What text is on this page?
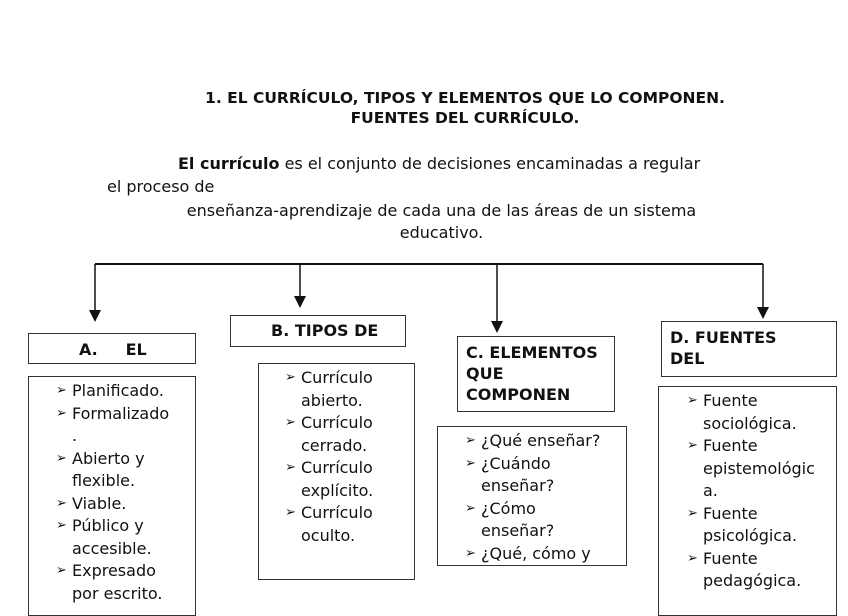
1. EL CURRÍCULO, TIPOS Y ELEMENTOS QUE LO COMPONEN.
FUENTES DEL CURRÍCULO.
El currículo es el conjunto de decisiones encaminadas a regular
el proceso de
enseñanza-aprendizaje de cada una de las áreas de un sistema
educativo.
A.     EL
➢ Planificado.
➢ Formalizado
.
➢ Abierto y
flexible.
➢ Viable.
➢ Público y
accesible.
➢ Expresado
por escrito.
B. TIPOS DE
➢ Currículo
abierto.
➢ Currículo
cerrado.
➢ Currículo
explícito.
➢ Currículo
oculto.
C. ELEMENTOS
QUE
COMPONEN
➢ ¿Qué enseñar?
➢ ¿Cuándo
enseñar?
➢ ¿Cómo
enseñar?
➢ ¿Qué, cómo y
D. FUENTES
DEL
➢ Fuente
sociológica.
➢ Fuente
epistemológic
a.
➢ Fuente
psicológica.
➢ Fuente
pedagógica.
